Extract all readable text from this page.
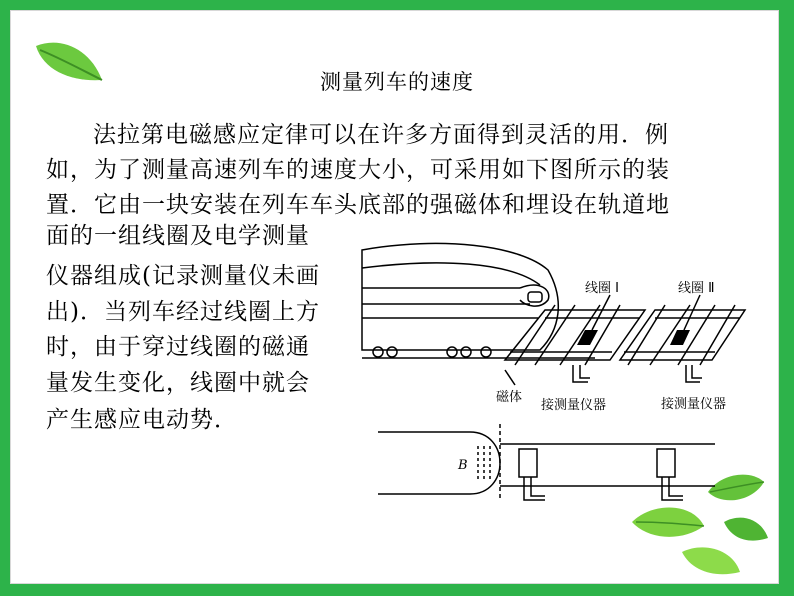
测量列车的速度
法拉第电磁感应定律可以在许多方面得到灵活的用．例
如，为了测量高速列车的速度大小，可采用如下图所示的装
置．它由一块安装在列车车头底部的强磁体和埋设在轨道地
面的一组线圈及电学测量
仪器组成(记录测量仪未画
出)．当列车经过线圈上方
时，由于穿过线圈的磁通
量发生变化，线圈中就会
产生感应电动势．
线圈 Ⅰ	线圈 Ⅱ
磁体
接测量仪器	接测量仪器
B
